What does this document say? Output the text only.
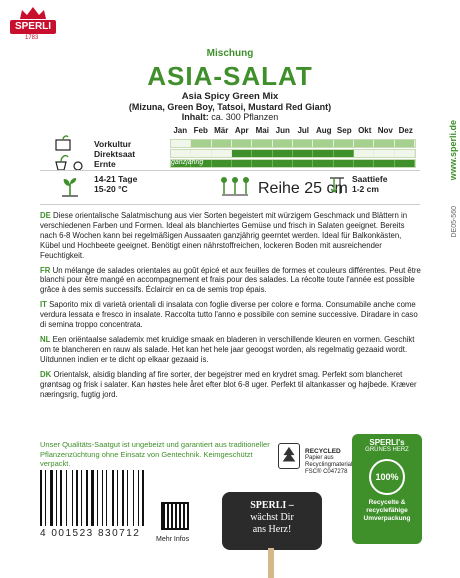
SPERLI
1783
www.sperli.de
DE05-560
Mischung
ASIA-SALAT
Asia Spicy Green Mix
(Mizuna, Green Boy, Tatsoi, Mustard Red Giant)
Inhalt: ca. 300 Pflanzen
Jan Feb Mär Apr Mai Jun Jul Aug Sep Okt Nov Dez
Vorkultur
Direktsaat
Ernte	ganzjährig
14-21 Tage
15-20 °C	Reihe 25 cm
Saattiefe
1-2 cm

DE Diese orientalische Salatmischung aus vier Sorten begeistert mit würzigem Geschmack und Blättern in verschiedenen Farben und Formen. Ideal als blanchiertes Gemüse und frisch in Salaten geeignet. Bereits nach 6-8 Wochen kann bei regelmäßigen Aussaaten ganzjährig geerntet werden. Ideal für Balkonkästen, Kübel und Hochbeete geeignet. Benötigt einen nährstoffreichen, lockeren Boden mit ausreichender Feuchtigkeit.

FR Un mélange de salades orientales au goût épicé et aux feuilles de formes et couleurs différentes. Peut être blanchi pour être mangé en accompagnement et frais pour des salades. La récolte toute l'année est possible grâce à des semis successifs. Éclaircir en ca de semis trop épais.

IT Saporito mix di varietà orientali di insalata con foglie diverse per colore e forma. Consumabile anche come verdura lessata e fresco in insalate. Raccolta tutto l'anno e possibile con semine successive. Diradare in caso di semina troppo concentrata.

NL Een oriëntaalse salademix met kruidige smaak en bladeren in verschillende kleuren en vormen. Geschikt om te blancheren en rauw als salade. Het kan het hele jaar geoogst worden, als regelmatig gezaaid wordt. Uitdunnen indien er te dicht op elkaar gezaaid is.

DK Orientalsk, alsidig blanding af fire sorter, der begejstrer med en krydret smag. Perfekt som blancheret grøntsag og frisk i salater. Kan høstes hele året efter blot 6-8 uger. Perfekt til altankasser og højbede. Kræver næringsrig, fugtig jord.

Unser Qualitäts-Saatgut ist ungebeizt und garantiert aus traditioneller Pflanzenzüchtung ohne Einsatz von Gentechnik. Keimgeschützt verpackt.
4 001523 830712
Mehr Infos
RECYCLED
Papier aus
Recyclingmaterial
FSC® C047278
SPERLI –
wächst Dir
ans Herz!
SPERLI's
GRÜNES HERZ
100%
Recycelte &
recyclefähige
Umverpackung
